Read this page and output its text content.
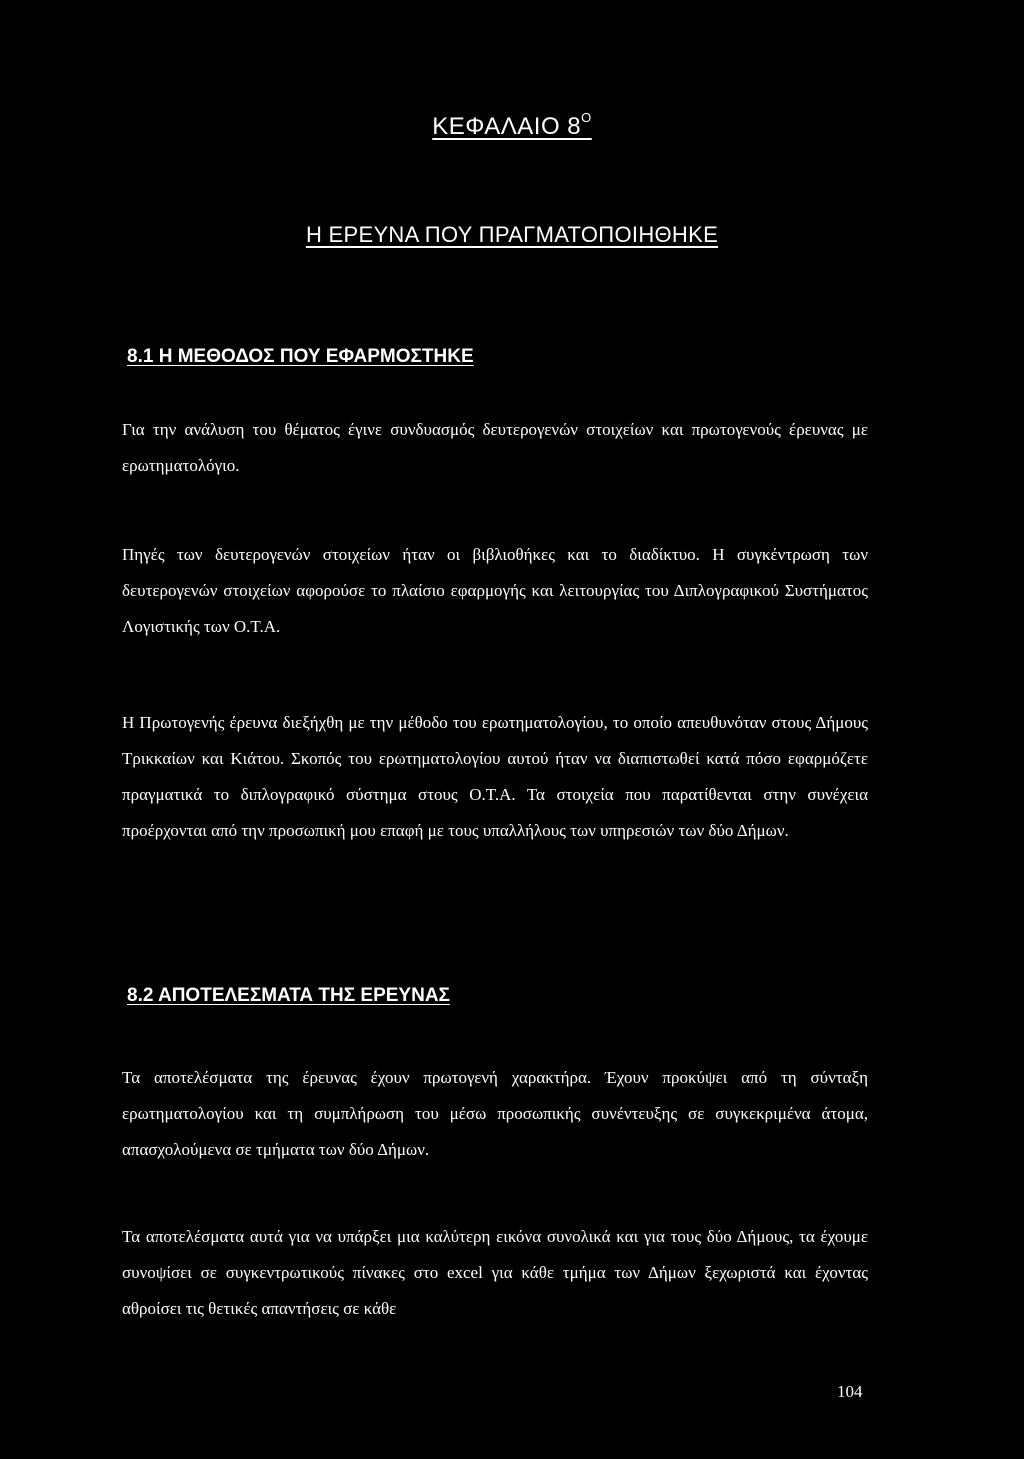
ΚΕΦΑΛΑΙΟ $8^O$
Η ΕΡΕΥΝΑ ΠΟΥ ΠΡΑΓΜΑΤΟΠΟΙΗΘΗΚΕ
8.1 Η ΜΕΘΟΔΟΣ ΠΟΥ ΕΦΑΡΜΟΣΤΗΚΕ

Για την ανάλυση του θέματος έγινε συνδυασμός δευτερογενών στοιχείων και πρωτογενούς έρευνας με ερωτηματολόγιο.

Πηγές των δευτερογενών στοιχείων ήταν οι βιβλιοθήκες και το διαδίκτυο. Η συγκέντρωση των δευτερογενών στοιχείων αφορούσε το πλαίσιο εφαρμογής και λειτουργίας του Διπλογραφικού Συστήματος Λογιστικής των Ο.Τ.Α.

Η Πρωτογενής έρευνα διεξήχθη με την μέθοδο του ερωτηματολογίου, το οποίο απευθυνόταν στους Δήμους Τρικκαίων και Κιάτου. Σκοπός του ερωτηματολογίου αυτού ήταν να διαπιστωθεί κατά πόσο εφαρμόζετε πραγματικά το διπλογραφικό σύστημα στους Ο.Τ.Α. Τα στοιχεία που παρατίθενται στην συνέχεια προέρχονται από την προσωπική μου επαφή με τους υπαλλήλους των υπηρεσιών των δύο Δήμων.

8.2 ΑΠΟΤΕΛΕΣΜΑΤΑ ΤΗΣ ΕΡΕΥΝΑΣ

Τα αποτελέσματα της έρευνας έχουν πρωτογενή χαρακτήρα. Έχουν προκύψει από τη σύνταξη ερωτηματολογίου και τη συμπλήρωση του μέσω προσωπικής συνέντευξης σε συγκεκριμένα άτομα, απασχολούμενα σε τμήματα των δύο Δήμων.

Τα αποτελέσματα αυτά για να υπάρξει μια καλύτερη εικόνα συνολικά και για τους δύο Δήμους, τα έχουμε συνοψίσει σε συγκεντρωτικούς πίνακες στο excel για κάθε τμήμα των Δήμων ξεχωριστά και έχοντας αθροίσει τις θετικές απαντήσεις σε κάθε

104
